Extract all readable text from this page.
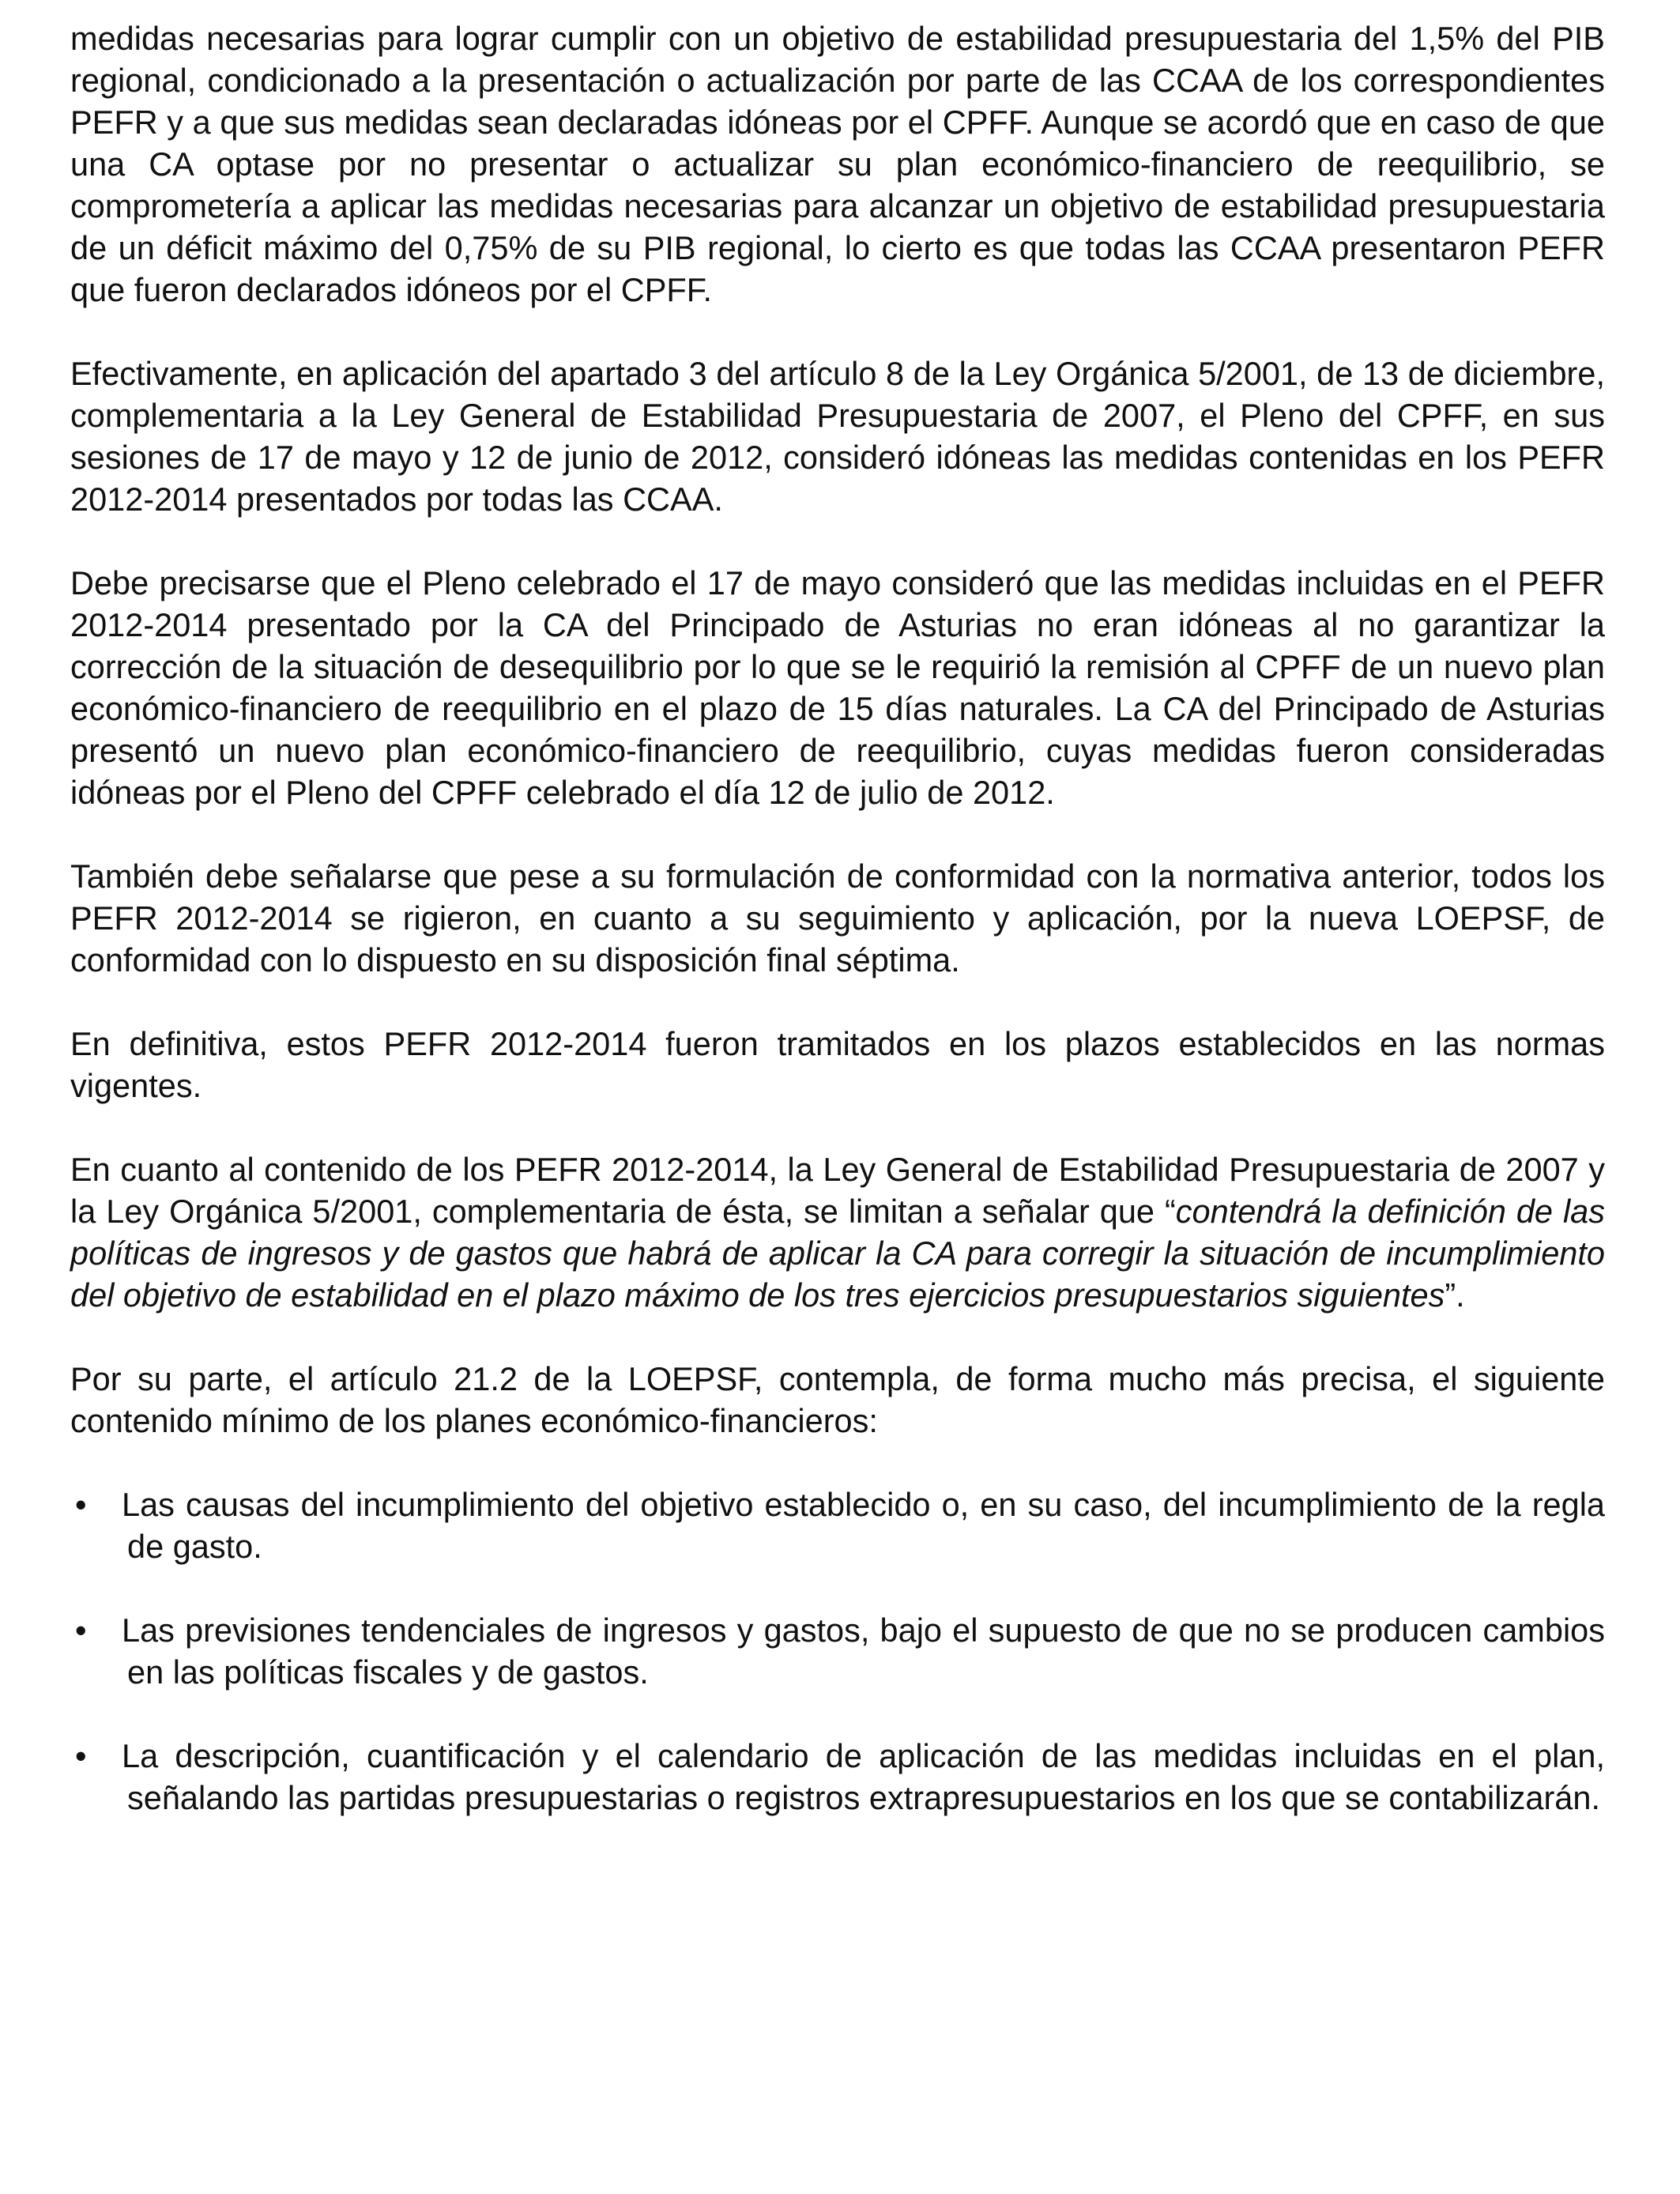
medidas necesarias para lograr cumplir con un objetivo de estabilidad presupuestaria del 1,5% del PIB regional, condicionado a la presentación o actualización por parte de las CCAA de los correspondientes PEFR y a que sus medidas sean declaradas idóneas por el CPFF. Aunque se acordó que en caso de que una CA optase por no presentar o actualizar su plan económico-financiero de reequilibrio, se comprometería a aplicar las medidas necesarias para alcanzar un objetivo de estabilidad presupuestaria de un déficit máximo del 0,75% de su PIB regional, lo cierto es que todas las CCAA presentaron PEFR que fueron declarados idóneos por el CPFF.

Efectivamente, en aplicación del apartado 3 del artículo 8 de la Ley Orgánica 5/2001, de 13 de diciembre, complementaria a la Ley General de Estabilidad Presupuestaria de 2007, el Pleno del CPFF, en sus sesiones de 17 de mayo y 12 de junio de 2012, consideró idóneas las medidas contenidas en los PEFR 2012-2014 presentados por todas las CCAA.

Debe precisarse que el Pleno celebrado el 17 de mayo consideró que las medidas incluidas en el PEFR 2012-2014 presentado por la CA del Principado de Asturias no eran idóneas al no garantizar la corrección de la situación de desequilibrio por lo que se le requirió la remisión al CPFF de un nuevo plan económico-financiero de reequilibrio en el plazo de 15 días naturales. La CA del Principado de Asturias presentó un nuevo plan económico-financiero de reequilibrio, cuyas medidas fueron consideradas idóneas por el Pleno del CPFF celebrado el día 12 de julio de 2012.

También debe señalarse que pese a su formulación de conformidad con la normativa anterior, todos los PEFR 2012-2014 se rigieron, en cuanto a su seguimiento y aplicación, por la nueva LOEPSF, de conformidad con lo dispuesto en su disposición final séptima.

En definitiva, estos PEFR 2012-2014 fueron tramitados en los plazos establecidos en las normas vigentes.

En cuanto al contenido de los PEFR 2012-2014, la Ley General de Estabilidad Presupuestaria de 2007 y la Ley Orgánica 5/2001, complementaria de ésta, se limitan a señalar que “contendrá la definición de las políticas de ingresos y de gastos que habrá de aplicar la CA para corregir la situación de incumplimiento del objetivo de estabilidad en el plazo máximo de los tres ejercicios presupuestarios siguientes”.

Por su parte, el artículo 21.2 de la LOEPSF, contempla, de forma mucho más precisa, el siguiente contenido mínimo de los planes económico-financieros:

•	Las causas del incumplimiento del objetivo establecido o, en su caso, del incumplimiento de la regla de gasto.
•	Las previsiones tendenciales de ingresos y gastos, bajo el supuesto de que no se producen cambios en las políticas fiscales y de gastos.
•	La descripción, cuantificación y el calendario de aplicación de las medidas incluidas en el plan, señalando las partidas presupuestarias o registros extrapresupuestarios en los que se contabilizarán.
